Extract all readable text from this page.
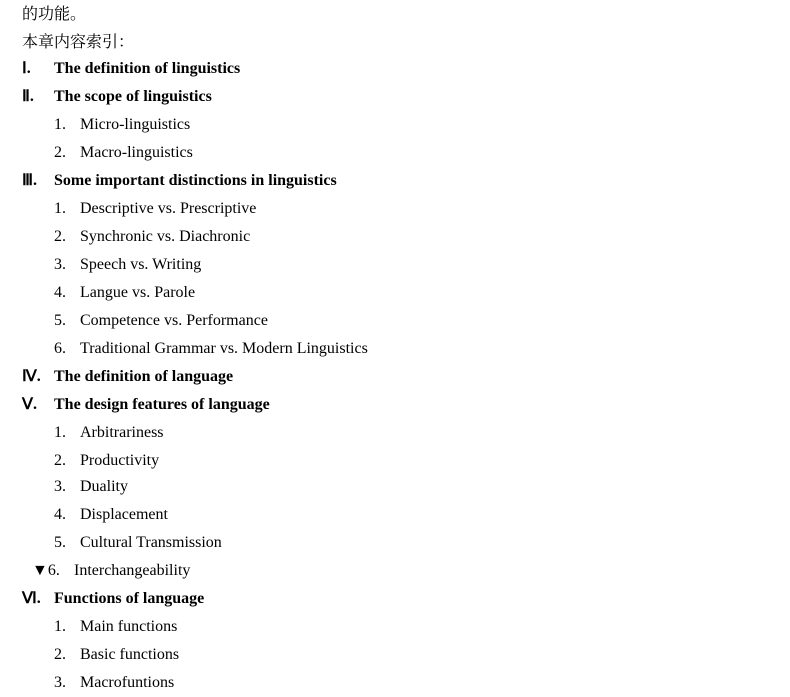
的功能。
本章内容索引：
Ⅰ. The definition of linguistics
Ⅱ. The scope of linguistics
1. Micro-linguistics
2. Macro-linguistics
Ⅲ. Some important distinctions in linguistics
1. Descriptive vs. Prescriptive
2. Synchronic vs. Diachronic
3. Speech vs. Writing
4. Langue vs. Parole
5. Competence vs. Performance
6. Traditional Grammar vs. Modern Linguistics
Ⅳ. The definition of language
Ⅴ. The design features of language
1. Arbitrariness
2. Productivity
3. Duality
4. Displacement
5. Cultural Transmission
▼6. Interchangeability
Ⅵ. Functions of language
1. Main functions
2. Basic functions
3. Macrofuntions
